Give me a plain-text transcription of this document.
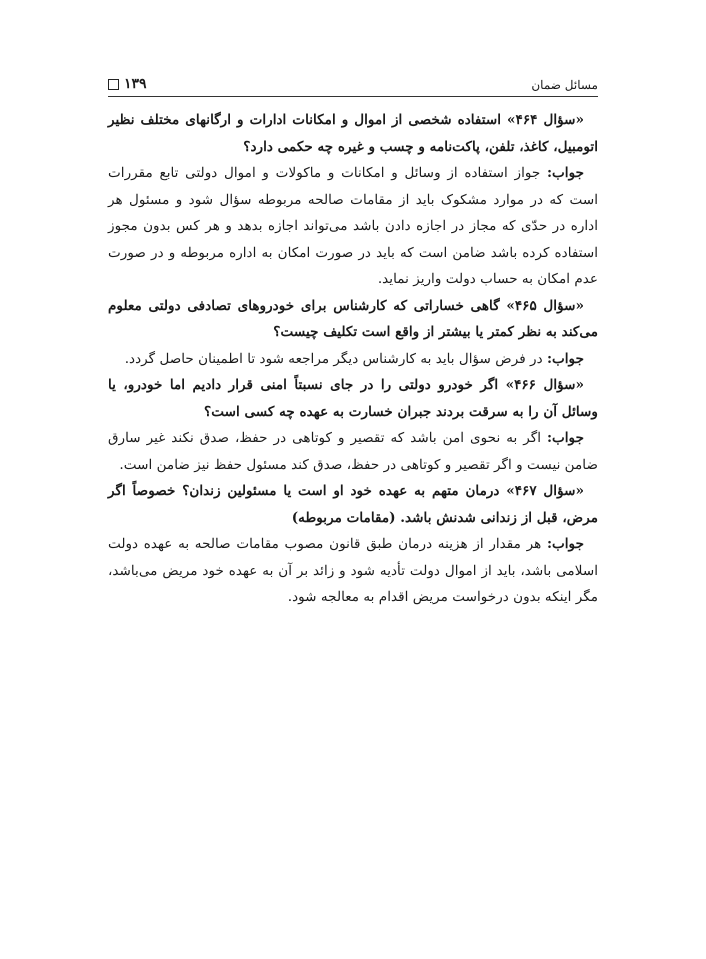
مسائل ضمان
۱۳۹

«سؤال ۴۶۴» استفاده شخصی از اموال و امکانات ادارات و ارگانهای مختلف نظیر اتومبیل، کاغذ، تلفن، پاکت‌نامه و چسب و غیره چه حکمی دارد؟

جواب: جواز استفاده از وسائل و امکانات و ماکولات و اموال دولتی تابع مقررات است که در موارد مشکوک باید از مقامات صالحه مربوطه سؤال شود و مسئول هر اداره در حدّی که مجاز در اجازه دادن باشد می‌تواند اجازه بدهد و هر کس بدون مجوز استفاده کرده باشد ضامن است که باید در صورت امکان به اداره مربوطه و در صورت عدم امکان به حساب دولت واریز نماید.

«سؤال ۴۶۵» گاهی خساراتی که کارشناس برای خودروهای تصادفی دولتی معلوم می‌کند به نظر کمتر یا بیشتر از واقع است تکلیف چیست؟

جواب: در فرض سؤال باید به کارشناس دیگر مراجعه شود تا اطمینان حاصل گردد.

«سؤال ۴۶۶» اگر خودرو دولتی را در جای نسبتاً امنی قرار دادیم اما خودرو، یا وسائل آن را به سرقت بردند جبران خسارت به عهده چه کسی است؟

جواب: اگر به نحوی امن باشد که تقصیر و کوتاهی در حفظ، صدق نکند غیر سارق ضامن نیست و اگر تقصیر و کوتاهی در حفظ، صدق کند مسئول حفظ نیز ضامن است.

«سؤال ۴۶۷» درمان متهم به عهده خود او است یا مسئولین زندان؟ خصوصاً اگر مرض، قبل از زندانی شدنش باشد. (مقامات مربوطه)

جواب: هر مقدار از هزینه درمان طبق قانون مصوب مقامات صالحه به عهده دولت اسلامی باشد، باید از اموال دولت تأدیه شود و زائد بر آن به عهده خود مریض می‌باشد، مگر اینکه بدون درخواست مریض اقدام به معالجه شود.
